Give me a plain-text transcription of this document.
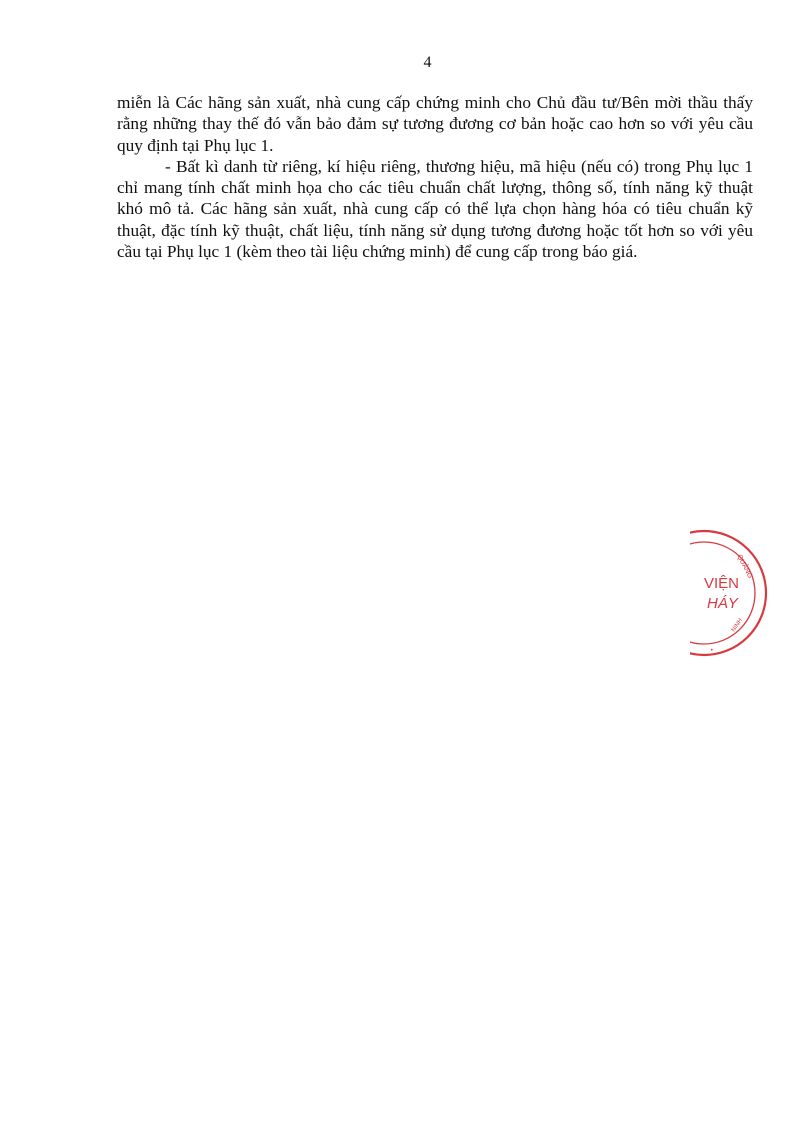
4

miễn là Các hãng sản xuất, nhà cung cấp chứng minh cho Chủ đầu tư/Bên mời thầu thấy rằng những thay thế đó vẫn bảo đảm sự tương đương cơ bản hoặc cao hơn so với yêu cầu quy định tại Phụ lục 1.

- Bất kì danh từ riêng, kí hiệu riêng, thương hiệu, mã hiệu (nếu có) trong Phụ lục 1 chỉ mang tính chất minh họa cho các tiêu chuẩn chất lượng, thông số, tính năng kỹ thuật khó mô tả. Các hãng sản xuất, nhà cung cấp có thể lựa chọn hàng hóa có tiêu chuẩn kỹ thuật, đặc tính kỹ thuật, chất liệu, tính năng sử dụng tương đương hoặc tốt hơn so với yêu cầu tại Phụ lục 1 (kèm theo tài liệu chứng minh) để cung cấp trong báo giá.

VIỆN
HÁY
QUẢNG
NINH
•
